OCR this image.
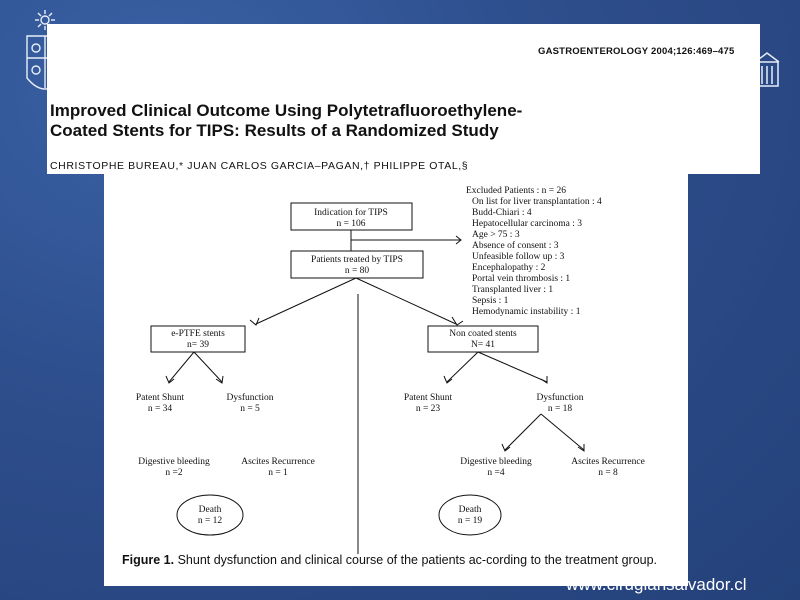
GASTROENTEROLOGY 2004;126:469–475
Improved Clinical Outcome Using Polytetrafluoroethylene-
Coated Stents for TIPS: Results of a Randomized Study
CHRISTOPHE BUREAU,* JUAN CARLOS GARCIA–PAGAN,† PHILIPPE OTAL,§
Indication for TIPS
n = 106
Excluded Patients : n = 26
On list for liver transplantation : 4
Budd-Chiari : 4
Hepatocellular carcinoma : 3
Age > 75 : 3
Absence of consent : 3
Unfeasible follow up : 3
Encephalopathy : 2
Portal vein thrombosis : 1
Transplanted liver : 1
Sepsis : 1
Hemodynamic instability : 1
Patients treated by TIPS
n = 80
e-PTFE stents
n= 39
Patent Shunt
n = 34
Dysfunction
n = 5
Digestive bleeding
n =2
Ascites Recurrence
n = 1
Death
n = 12
Non coated stents
N= 41
Patent Shunt
n = 23
Dysfunction
n = 18
Digestive bleeding
n =4
Ascites Recurrence
n = 8
Death
n = 19
Figure 1. Shunt dysfunction and clinical course of the patients ac-cording to the treatment group.
www.cirugiahsalvador.cl
